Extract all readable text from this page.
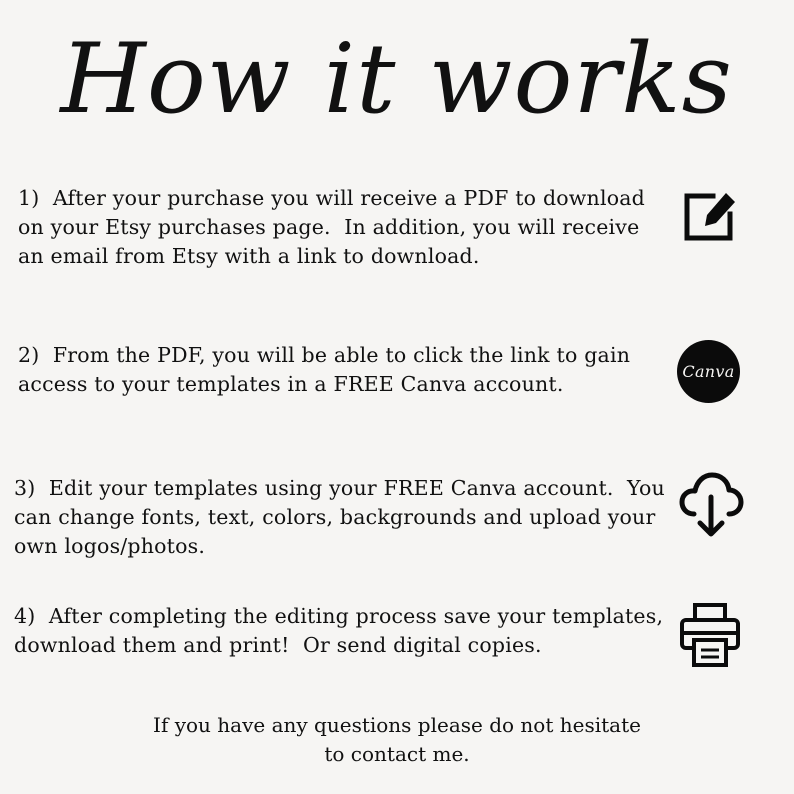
How it works
1)  After your purchase you will receive a PDF to download on your Etsy purchases page.  In addition, you will receive an email from Etsy with a link to download.
2)  From the PDF, you will be able to click the link to gain access to your templates in a FREE Canva account.
Canva
3)  Edit your templates using your FREE Canva account.  You can change fonts, text, colors, backgrounds and upload your own logos/photos.
4)  After completing the editing process save your templates, download them and print!  Or send digital copies.
If you have any questions please do not hesitate
to contact me.
